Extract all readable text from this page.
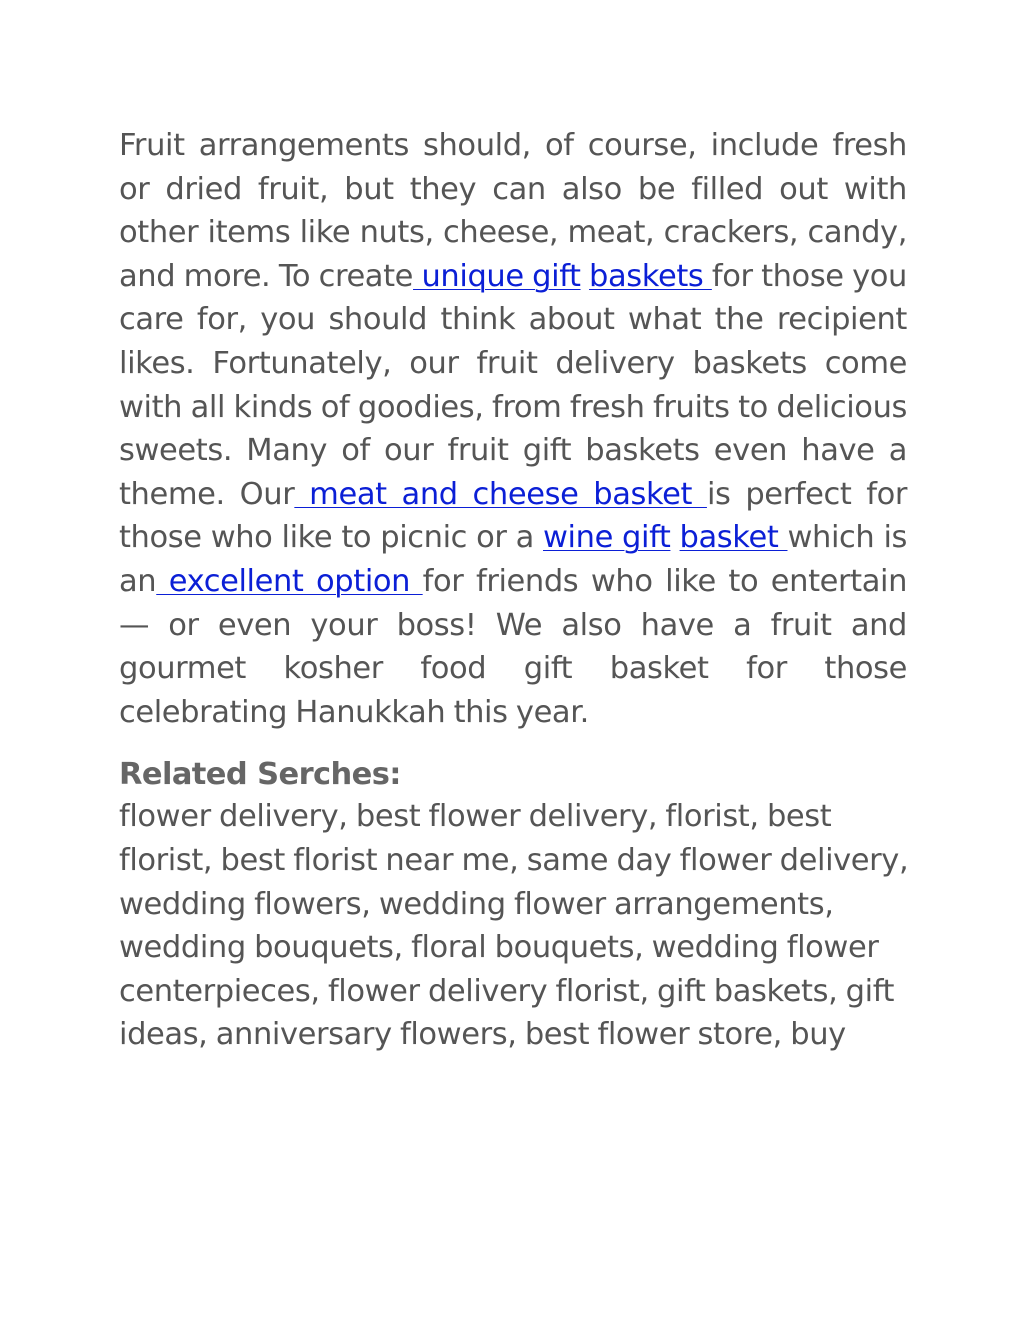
Fruit arrangements should, of course, include fresh or dried fruit, but they can also be filled out with other items like nuts, cheese, meat, crackers, candy, and more. To create unique gift baskets for those you care for, you should think about what the recipient likes. Fortunately, our fruit delivery baskets come with all kinds of goodies, from fresh fruits to delicious sweets. Many of our fruit gift baskets even have a theme. Our meat and cheese basket is perfect for those who like to picnic or a wine gift basket which is an excellent option for friends who like to entertain — or even your boss! We also have a fruit and gourmet kosher food gift basket for those celebrating Hanukkah this year.

Related Serches:

flower delivery, best flower delivery, florist, best florist, best florist near me, same day flower delivery, wedding flowers, wedding flower arrangements, wedding bouquets, floral bouquets, wedding flower centerpieces, flower delivery florist, gift baskets, gift ideas, anniversary flowers, best flower store, buy
